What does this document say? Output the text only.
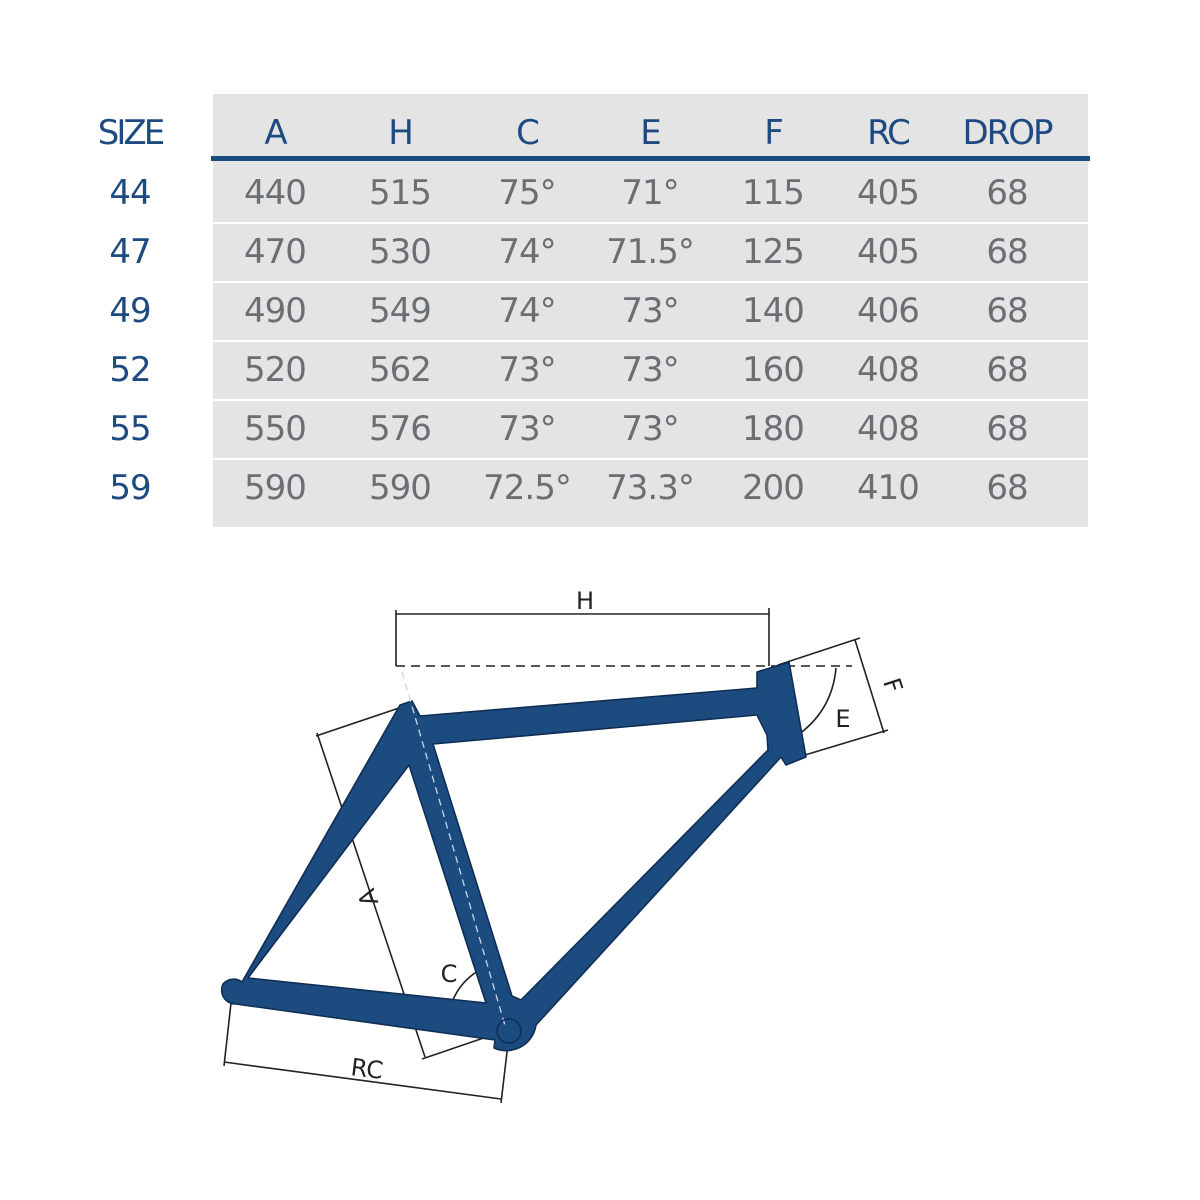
SIZE	A	H	C	E	F	RC	DROP
44	440	515	75°	71°	115	405	68
47	470	530	74°	71.5°	125	405	68
49	490	549	74°	73°	140	406	68
52	520	562	73°	73°	160	408	68
55	550	576	73°	73°	180	408	68
59	590	590	72.5°	73.3°	200	410	68
H
F
E
A
C
RC
